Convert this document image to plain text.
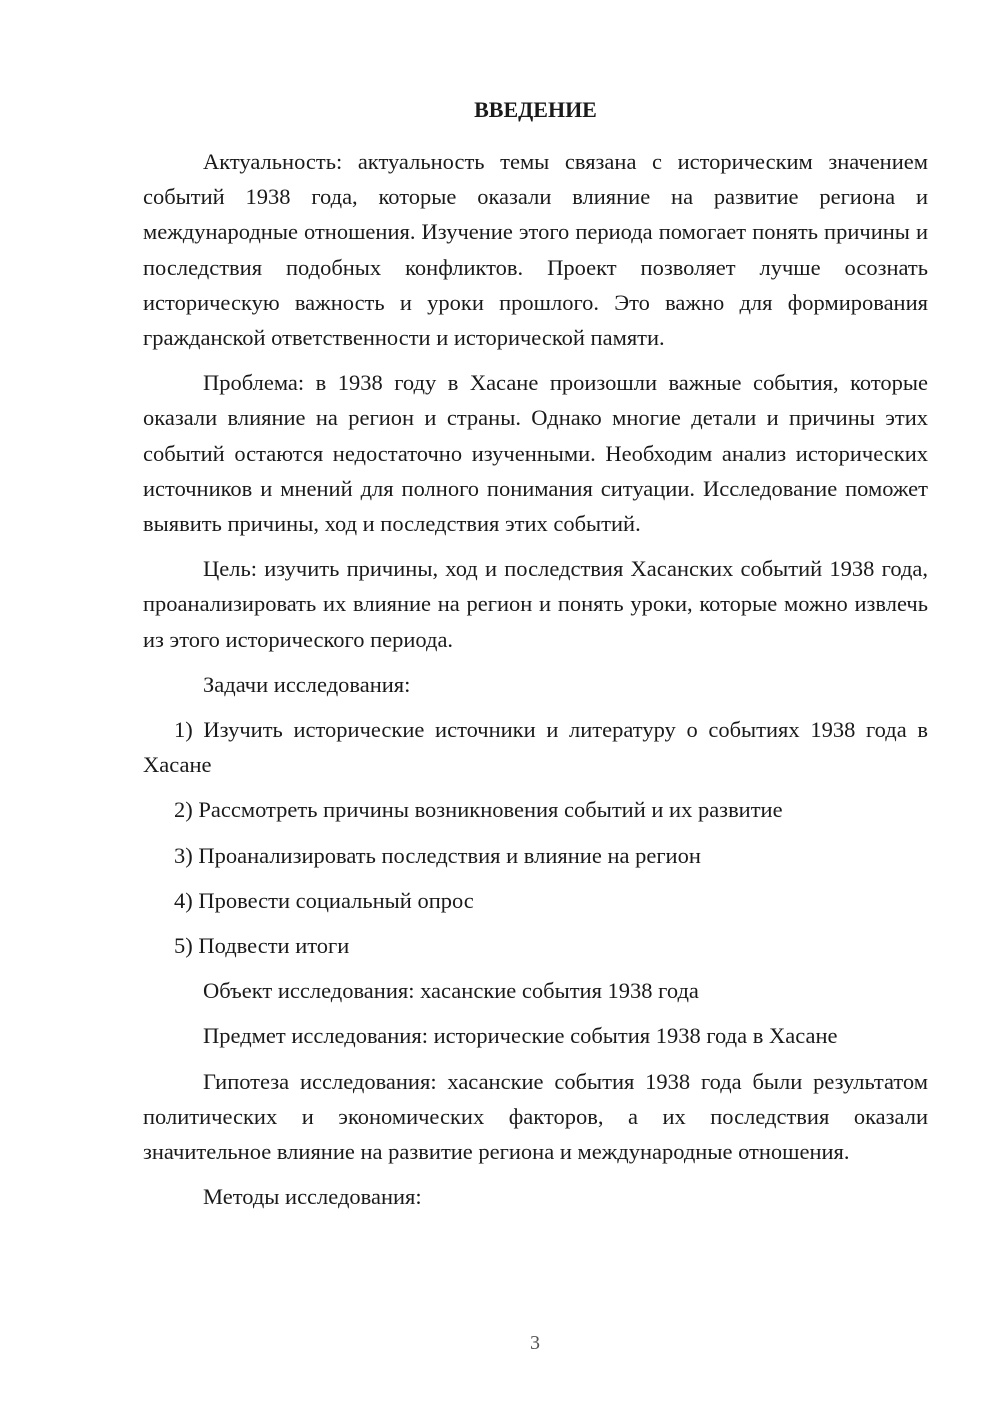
ВВЕДЕНИЕ

Актуальность: актуальность темы связана с историческим значением событий 1938 года, которые оказали влияние на развитие региона и международные отношения. Изучение этого периода помогает понять причины и последствия подобных конфликтов. Проект позволяет лучше осознать историческую важность и уроки прошлого. Это важно для формирования гражданской ответственности и исторической памяти.

Проблема: в 1938 году в Хасане произошли важные события, которые оказали влияние на регион и страны. Однако многие детали и причины этих событий остаются недостаточно изученными. Необходим анализ исторических источников и мнений для полного понимания ситуации. Исследование поможет выявить причины, ход и последствия этих событий.

Цель: изучить причины, ход и последствия Хасанских событий 1938 года, проанализировать их влияние на регион и понять уроки, которые можно извлечь из этого исторического периода.

Задачи исследования:

1) Изучить исторические источники и литературу о событиях 1938 года в Хасане

2) Рассмотреть причины возникновения событий и их развитие

3) Проанализировать последствия и влияние на регион

4) Провести социальный опрос

5) Подвести итоги

Объект исследования: хасанские события 1938 года

Предмет исследования: исторические события 1938 года в Хасане

Гипотеза исследования: хасанские события 1938 года были результатом политических и экономических факторов, а их последствия оказали значительное влияние на развитие региона и международные отношения.

Методы исследования:

3
